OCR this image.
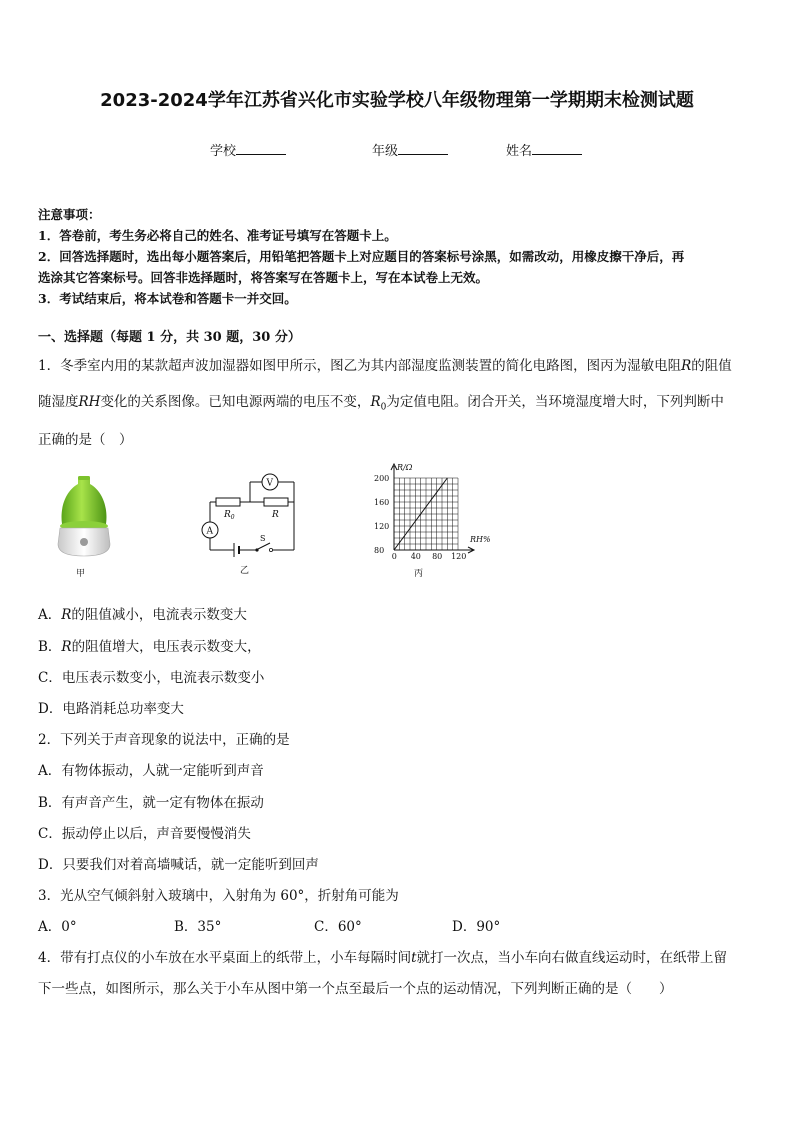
2023-2024学年江苏省兴化市实验学校八年级物理第一学期期末检测试题
学校	年级	姓名
注意事项：
1．答卷前，考生务必将自己的姓名、准考证号填写在答题卡上。
2．回答选择题时，选出每小题答案后，用铅笔把答题卡上对应题目的答案标号涂黑，如需改动，用橡皮擦干净后，再
选涂其它答案标号。回答非选择题时，将答案写在答题卡上，写在本试卷上无效。
3．考试结束后，将本试卷和答题卡一并交回。
一、选择题（每题 1 分，共 30 题，30 分）
1．冬季室内用的某款超声波加湿器如图甲所示，图乙为其内部湿度监测装置的简化电路图，图丙为湿敏电阻R的阻值
随湿度RH变化的关系图像。已知电源两端的电压不变，$R_0$为定值电阻。闭合开关，当环境湿度增大时，下列判断中
正确的是（　）
甲
V
A
$R_0$	R
S
乙
R/Ω
RH%
200
160
120
80
0 40 80 120
丙
A．R的阻值减小，电流表示数变大
B．R的阻值增大，电压表示数变大，
C．电压表示数变小，电流表示数变小
D．电路消耗总功率变大
2．下列关于声音现象的说法中，正确的是
A．有物体振动，人就一定能听到声音
B．有声音产生，就一定有物体在振动
C．振动停止以后，声音要慢慢消失
D．只要我们对着高墙喊话，就一定能听到回声
3．光从空气倾斜射入玻璃中，入射角为 60°，折射角可能为
A．0°	B．35°	C．60°	D．90°
4．带有打点仪的小车放在水平桌面上的纸带上，小车每隔时间t就打一次点，当小车向右做直线运动时，在纸带上留
下一些点，如图所示，那么关于小车从图中第一个点至最后一个点的运动情况，下列判断正确的是（　　）
